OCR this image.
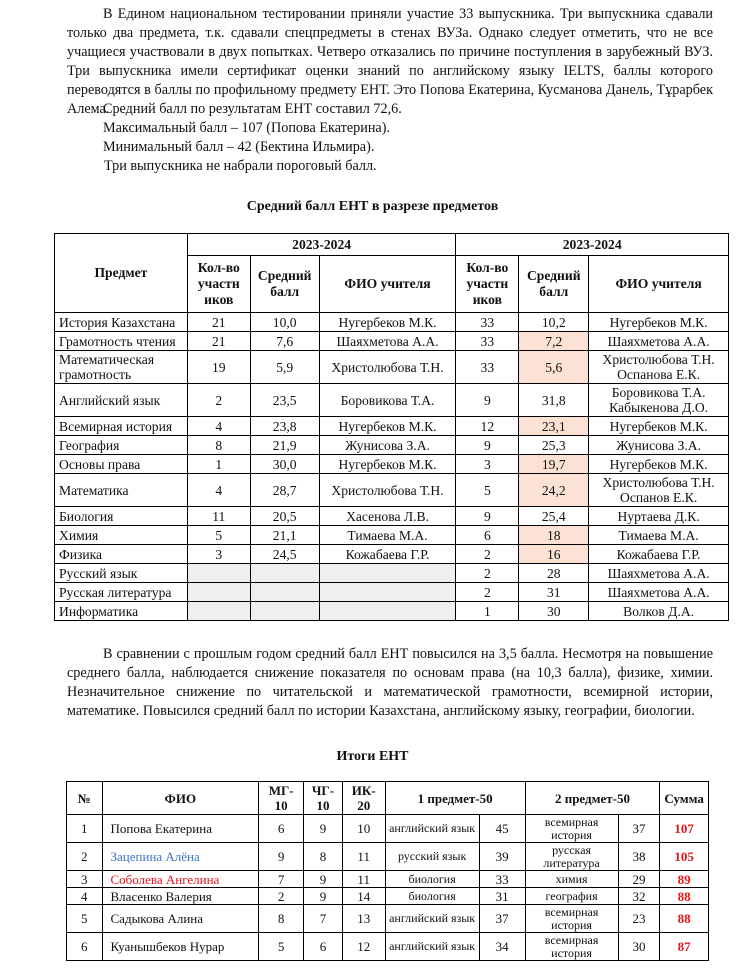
В Едином национальном тестировании приняли участие 33 выпускника. Три выпускника сдавали только два предмета, т.к. сдавали спецпредметы в стенах ВУЗа. Однако следует отметить, что не все учащиеся участвовали в двух попытках. Четверо отказались по причине поступления в зарубежный ВУЗ. Три выпускника имели сертификат оценки знаний по английскому языку IELTS, баллы которого переводятся в баллы по профильному предмету ЕНТ. Это Попова Екатерина, Кусманова Данель, Тұрарбек Алема.

Средний балл по результатам ЕНТ составил 72,6.

Максимальный балл – 107 (Попова Екатерина).

Минимальный балл – 42 (Бектина Ильмира).

Три выпускника не набрали пороговый балл.

Средний балл ЕНТ в разрезе предметов

Предмет	2023-2024			2023-2024		
	Кол-во участн иков	Средний балл	ФИО учителя	Кол-во участн иков	Средний балл	ФИО учителя
История Казахстана	21	10,0	Нугербеков М.К.	33	10,2	Нугербеков М.К.
Грамотность чтения	21	7,6	Шаяхметова А.А.	33	7,2	Шаяхметова А.А.
Математическая грамотность	19	5,9	Христолюбова Т.Н.	33	5,6	Христолюбова Т.Н. Оспанова Е.К.
Английский язык	2	23,5	Боровикова Т.А.	9	31,8	Боровикова Т.А. Кабыкенова Д.О.
Всемирная история	4	23,8	Нугербеков М.К.	12	23,1	Нугербеков М.К.
География	8	21,9	Жунисова З.А.	9	25,3	Жунисова З.А.
Основы права	1	30,0	Нугербеков М.К.	3	19,7	Нугербеков М.К.
Математика	4	28,7	Христолюбова Т.Н.	5	24,2	Христолюбова Т.Н. Оспанов Е.К.
Биология	11	20,5	Хасенова Л.В.	9	25,4	Нуртаева Д.К.
Химия	5	21,1	Тимаева М.А.	6	18	Тимаева М.А.
Физика	3	24,5	Кожабаева Г.Р.	2	16	Кожабаева Г.Р.
Русский язык				2	28	Шаяхметова А.А.
Русская литература				2	31	Шаяхметова А.А.
Информатика				1	30	Волков Д.А.

В сравнении с прошлым годом средний балл ЕНТ повысился на 3,5 балла. Несмотря на повышение среднего балла, наблюдается снижение показателя по основам права (на 10,3 балла), физике, химии. Незначительное снижение по читательской и математической грамотности, всемирной истории, математике. Повысился средний балл по истории Казахстана, английскому языку, географии, биологии.

Итоги ЕНТ

№	ФИО	МГ- 10	ЧГ- 10	ИК- 20	1 предмет-50		2 предмет-50		Сумма
1	Попова Екатерина	6	9	10	английский язык	45	всемирная история	37	107
2	Зацепина Алёна	9	8	11	русский язык	39	русская литература	38	105
3	Соболева Ангелина	7	9	11	биология	33	химия	29	89
4	Власенко Валерия	2	9	14	биология	31	география	32	88
5	Садыкова Алина	8	7	13	английский язык	37	всемирная история	23	88
6	Куанышбеков Нурар	5	6	12	английский язык	34	всемирная история	30	87
